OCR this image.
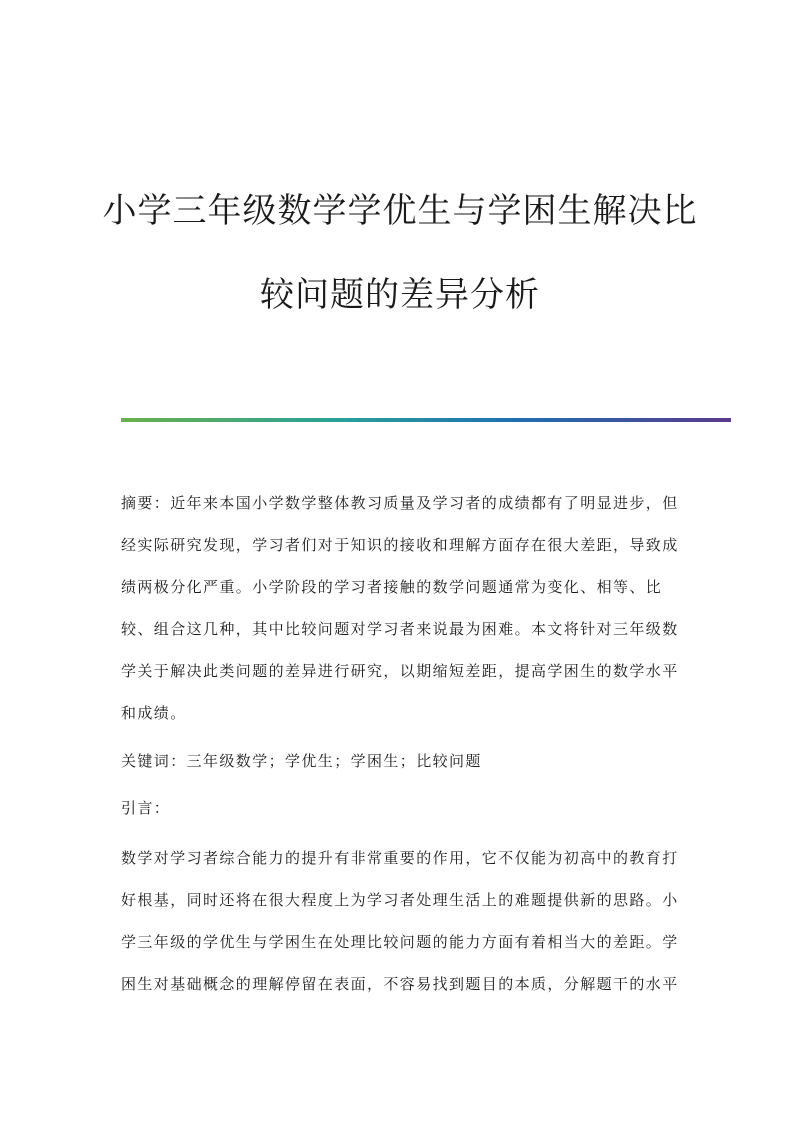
小学三年级数学学优生与学困生解决比
较问题的差异分析
摘要：近年来本国小学数学整体教习质量及学习者的成绩都有了明显进步，但
经实际研究发现，学习者们对于知识的接收和理解方面存在很大差距，导致成
绩两极分化严重。小学阶段的学习者接触的数学问题通常为变化、相等、比
较、组合这几种，其中比较问题对学习者来说最为困难。本文将针对三年级数
学关于解决此类问题的差异进行研究，以期缩短差距，提高学困生的数学水平
和成绩。
关键词：三年级数学；学优生；学困生；比较问题
引言：
数学对学习者综合能力的提升有非常重要的作用，它不仅能为初高中的教育打
好根基，同时还将在很大程度上为学习者处理生活上的难题提供新的思路。小
学三年级的学优生与学困生在处理比较问题的能力方面有着相当大的差距。学
困生对基础概念的理解停留在表面，不容易找到题目的本质，分解题干的水平
